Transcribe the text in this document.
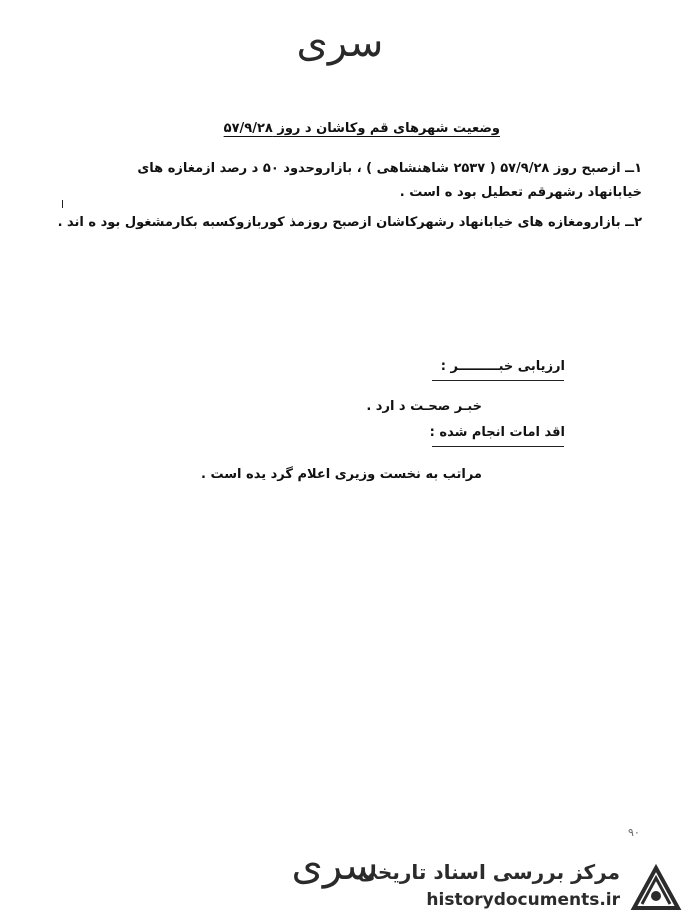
سری
وضعیت شهرهای قم وکاشان د روز ۵۷/۹/۲۸
۱ــ ازصبح روز ۵۷/۹/۲۸ ( ۲۵۳۷ شاهنشاهی ) ، بازاروحدود ۵۰ د رصد ازمغازه های
خیابانهاد رشهرقم تعطیل بود ه است .
۲ــ بازارومغازه های خیابانهاد رشهرکاشان ازصبح روزمذ کوربازوکسبه بکارمشغول بود ه اند .
ارزیابی خبـــــــــر :
خبـر صحـت د ارد .
اقد امات انجام شده :
مراتب به نخست وزیری اعلام گرد یده است .
۹۰
سری
مرکز بررسی اسناد تاریخی
historydocuments.ir
